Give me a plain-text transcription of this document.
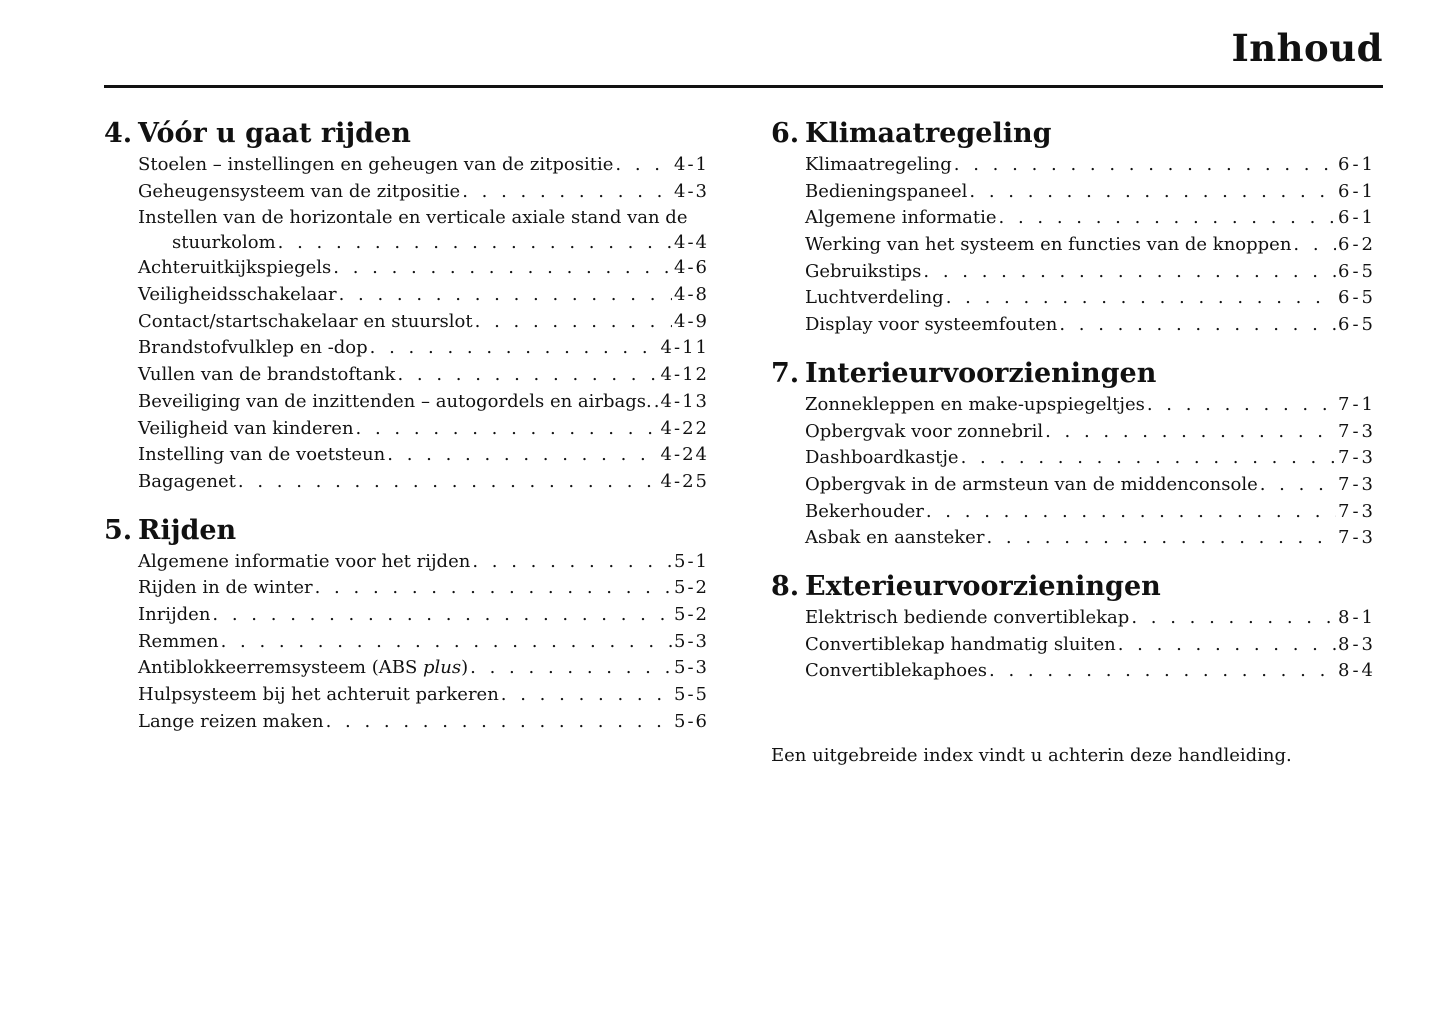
Inhoud
4. Vóór u gaat rijden
Stoelen – instellingen en geheugen van de zitpositie . . .	4-1
Geheugensysteem van de zitpositie . . .	4-3
Instellen van de horizontale en verticale axiale stand van de
stuurkolom . . .	4-4
Achteruitkijkspiegels . . .	4-6
Veiligheidsschakelaar . . .	4-8
Contact/startschakelaar en stuurslot . . .	4-9
Brandstofvulklep en -dop . . .	4-11
Vullen van de brandstoftank . . .	4-12
Beveiliging van de inzittenden – autogordels en airbags. . . . 4-13
Veiligheid van kinderen . . .	4-22
Instelling van de voetsteun . . .	4-24
Bagagenet . . .	4-25
5. Rijden
Algemene informatie voor het rijden . . .	5-1
Rijden in de winter . . .	5-2
Inrijden . . .	5-2
Remmen . . .	5-3
Antiblokkeerremsysteem (ABS plus) . . .	5-3
Hulpsysteem bij het achteruit parkeren . . .	5-5
Lange reizen maken . . .	5-6
6. Klimaatregeling
Klimaatregeling . . .	6-1
Bedieningspaneel . . .	6-1
Algemene informatie . . .	6-1
Werking van het systeem en functies van de knoppen . . .	6-2
Gebruikstips . . .	6-5
Luchtverdeling . . .	6-5
Display voor systeemfouten . . .	6-5
7. Interieurvoorzieningen
Zonnekleppen en make-upspiegeltjes . . .	7-1
Opbergvak voor zonnebril . . .	7-3
Dashboardkastje . . .	7-3
Opbergvak in de armsteun van de middenconsole . . .	7-3
Bekerhouder . . .	7-3
Asbak en aansteker . . .	7-3
8. Exterieurvoorzieningen
Elektrisch bediende convertiblekap . . .	8-1
Convertiblekap handmatig sluiten . . .	8-3
Convertiblekaphoes . . .	8-4
Een uitgebreide index vindt u achterin deze handleiding.
